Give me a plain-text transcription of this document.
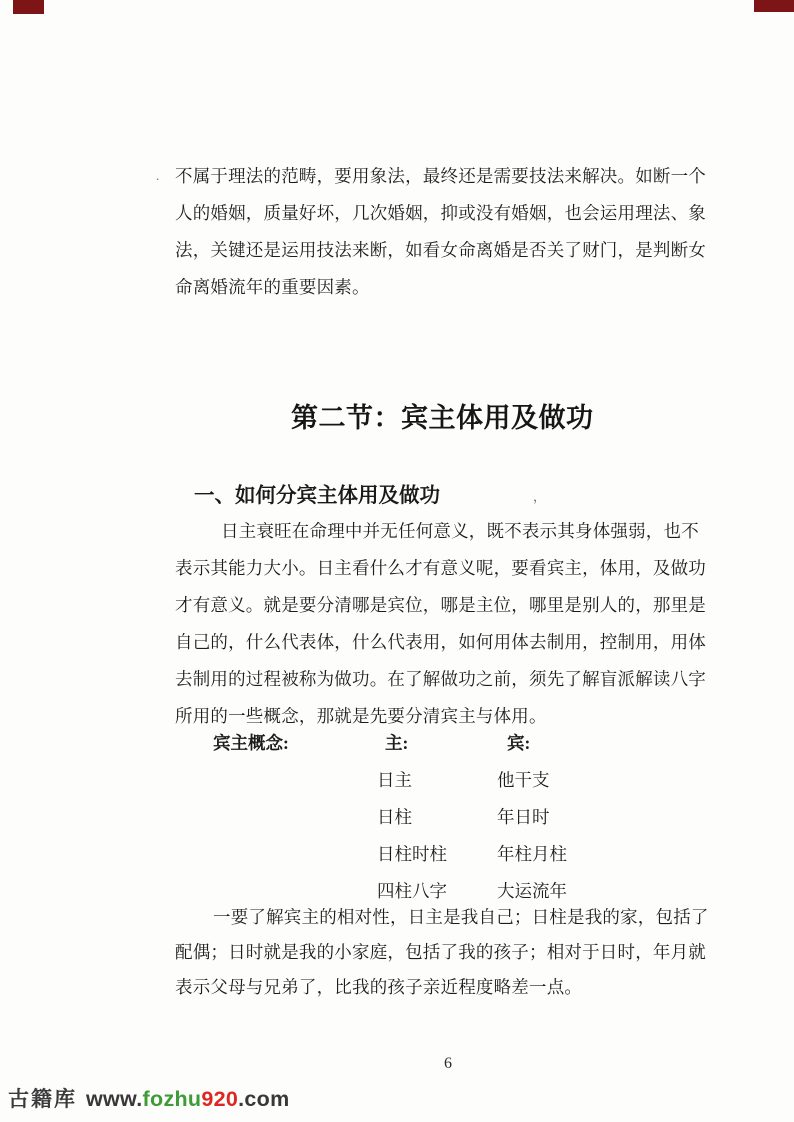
不属于理法的范畴，要用象法，最终还是需要技法来解决。如断一个
人的婚姻，质量好坏，几次婚姻，抑或没有婚姻，也会运用理法、象
法，关键还是运用技法来断，如看女命离婚是否关了财门，是判断女
命离婚流年的重要因素。
第二节：宾主体用及做功
一、如何分宾主体用及做功	，
.
日主衰旺在命理中并无任何意义，既不表示其身体强弱，也不
表示其能力大小。日主看什么才有意义呢，要看宾主，体用，及做功
才有意义。就是要分清哪是宾位，哪是主位，哪里是别人的，那里是
自己的，什么代表体，什么代表用，如何用体去制用，控制用，用体
去制用的过程被称为做功。在了解做功之前，须先了解盲派解读八字
所用的一些概念，那就是先要分清宾主与体用。
宾主概念:	主:	宾:
日主	他干支
日柱	年日时
日柱时柱	年柱月柱
四柱八字	大运流年
一要了解宾主的相对性，日主是我自己；日柱是我的家，包括了
配偶；日时就是我的小家庭，包括了我的孩子；相对于日时，年月就
表示父母与兄弟了，比我的孩子亲近程度略差一点。
6
古籍库 www. fozhu 920 .com
